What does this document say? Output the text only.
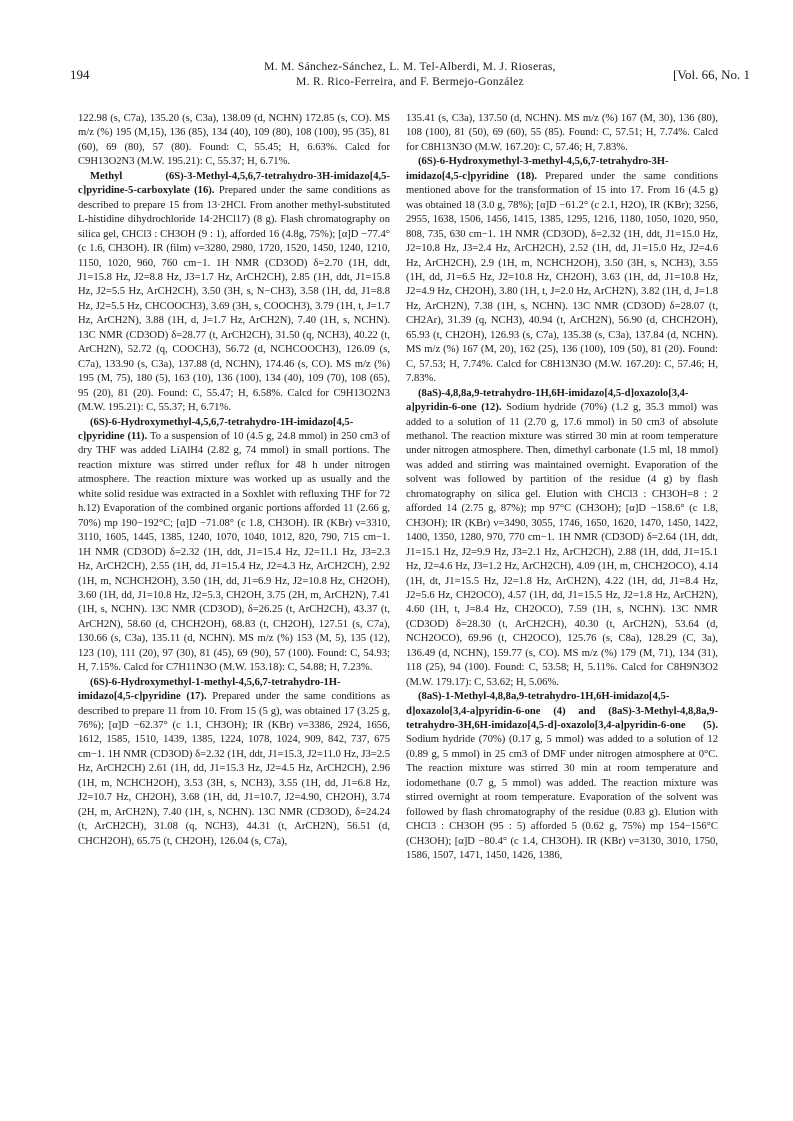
194	M. M. Sánchez-Sánchez, L. M. Tel-Alberdi, M. J. Rioseras,
M. R. Rico-Ferreira, and F. Bermejo-González	[Vol. 66, No. 1

122.98 (s, C7a), 135.20 (s, C3a), 138.09 (d, NCHN) 172.85 (s, CO). MS m/z (%) 195 (M,15), 136 (85), 134 (40), 109 (80), 108 (100), 95 (35), 81 (60), 69 (80), 57 (80). Found: C, 55.45; H, 6.63%. Calcd for C9H13O2N3 (M.W. 195.21): C, 55.37; H, 6.71%.

Methyl (6S)-3-Methyl-4,5,6,7-tetrahydro-3H-imidazo[4,5-c]pyridine-5-carboxylate (16). Prepared under the same conditions as described to prepare 15 from 13·2HCl. From another methyl-substituted L-histidine dihydrochloride 14·2HCl17) (8 g). Flash chromatography on silica gel, CHCl3 : CH3OH (9 : 1), afforded 16 (4.8g, 75%); [α]D −77.4° (c 1.6, CH3OH). IR (film) ν=3280, 2980, 1720, 1520, 1450, 1240, 1210, 1150, 1020, 960, 760 cm−1. 1H NMR (CD3OD) δ=2.70 (1H, ddt, J1=15.8 Hz, J2=8.8 Hz, J3=1.7 Hz, ArCH2CH), 2.85 (1H, ddt, J1=15.8 Hz, J2=5.5 Hz, ArCH2CH), 3.50 (3H, s, N−CH3), 3.58 (1H, dd, J1=8.8 Hz, J2=5.5 Hz, CHCOOCH3), 3.69 (3H, s, COOCH3), 3.79 (1H, t, J=1.7 Hz, ArCH2N), 3.88 (1H, d, J=1.7 Hz, ArCH2N), 7.40 (1H, s, NCHN). 13C NMR (CD3OD) δ=28.77 (t, ArCH2CH), 31.50 (q, NCH3), 40.22 (t, ArCH2N), 52.72 (q, COOCH3), 56.72 (d, NCHCOOCH3), 126.09 (s, C7a), 133.90 (s, C3a), 137.88 (d, NCHN), 174.46 (s, CO). MS m/z (%) 195 (M, 75), 180 (5), 163 (10), 136 (100), 134 (40), 109 (70), 108 (65), 95 (20), 81 (20). Found: C, 55.47; H, 6.58%. Calcd for C9H13O2N3 (M.W. 195.21): C, 55.37; H, 6.71%.

(6S)-6-Hydroxymethyl-4,5,6,7-tetrahydro-1H-imidazo[4,5-c]pyridine (11). To a suspension of 10 (4.5 g, 24.8 mmol) in 250 cm3 of dry THF was added LiAlH4 (2.82 g, 74 mmol) in small portions. The reaction mixture was stirred under reflux for 48 h under nitrogen atmosphere. The reaction mixture was worked up as usually and the white solid residue was extracted in a Soxhlet with refluxing THF for 72 h.12) Evaporation of the combined organic portions afforded 11 (2.66 g, 70%) mp 190−192°C; [α]D −71.08° (c 1.8, CH3OH). IR (KBr) ν=3310, 3110, 1605, 1445, 1385, 1240, 1070, 1040, 1012, 820, 790, 715 cm−1. 1H NMR (CD3OD) δ=2.32 (1H, ddt, J1=15.4 Hz, J2=11.1 Hz, J3=2.3 Hz, ArCH2CH), 2.55 (1H, dd, J1=15.4 Hz, J2=4.3 Hz, ArCH2CH), 2.92 (1H, m, NCHCH2OH), 3.50 (1H, dd, J1=6.9 Hz, J2=10.8 Hz, CH2OH), 3.60 (1H, dd, J1=10.8 Hz, J2=5.3, CH2OH, 3.75 (2H, m, ArCH2N), 7.41 (1H, s, NCHN). 13C NMR (CD3OD), δ=26.25 (t, ArCH2CH), 43.37 (t, ArCH2N), 58.60 (d, CHCH2OH), 68.83 (t, CH2OH), 127.51 (s, C7a), 130.66 (s, C3a), 135.11 (d, NCHN). MS m/z (%) 153 (M, 5), 135 (12), 123 (10), 111 (20), 97 (30), 81 (45), 69 (90), 57 (100). Found: C, 54.93; H, 7.15%. Calcd for C7H11N3O (M.W. 153.18): C, 54.88; H, 7.23%.

(6S)-6-Hydroxymethyl-1-methyl-4,5,6,7-tetrahydro-1H-imidazo[4,5-c]pyridine (17). Prepared under the same conditions as described to prepare 11 from 10. From 15 (5 g), was obtained 17 (3.25 g, 76%); [α]D −62.37° (c 1.1, CH3OH); IR (KBr) ν=3386, 2924, 1656, 1612, 1585, 1510, 1439, 1385, 1224, 1078, 1024, 909, 842, 737, 675 cm−1. 1H NMR (CD3OD) δ=2.32 (1H, ddt, J1=15.3, J2=11.0 Hz, J3=2.5 Hz, ArCH2CH) 2.61 (1H, dd, J1=15.3 Hz, J2=4.5 Hz, ArCH2CH), 2.96 (1H, m, NCHCH2OH), 3.53 (3H, s, NCH3), 3.55 (1H, dd, J1=6.8 Hz, J2=10.7 Hz, CH2OH), 3.68 (1H, dd, J1=10.7, J2=4.90, CH2OH), 3.74 (2H, m, ArCH2N), 7.40 (1H, s, NCHN). 13C NMR (CD3OD), δ=24.24 (t, ArCH2CH), 31.08 (q, NCH3), 44.31 (t, ArCH2N), 56.51 (d, CHCH2OH), 65.75 (t, CH2OH), 126.04 (s, C7a),

135.41 (s, C3a), 137.50 (d, NCHN). MS m/z (%) 167 (M, 30), 136 (80), 108 (100), 81 (50), 69 (60), 55 (85). Found: C, 57.51; H, 7.74%. Calcd for C8H13N3O (M.W. 167.20): C, 57.46; H, 7.83%.

(6S)-6-Hydroxymethyl-3-methyl-4,5,6,7-tetrahydro-3H-imidazo[4,5-c]pyridine (18). Prepared under the same conditions mentioned above for the transformation of 15 into 17. From 16 (4.5 g) was obtained 18 (3.0 g, 78%); [α]D −61.2° (c 2.1, H2O), IR (KBr); 3256, 2955, 1638, 1506, 1456, 1415, 1385, 1295, 1216, 1180, 1050, 1020, 950, 808, 735, 630 cm−1. 1H NMR (CD3OD), δ=2.32 (1H, ddt, J1=15.0 Hz, J2=10.8 Hz, J3=2.4 Hz, ArCH2CH), 2.52 (1H, dd, J1=15.0 Hz, J2=4.6 Hz, ArCH2CH), 2.9 (1H, m, NCHCH2OH), 3.50 (3H, s, NCH3), 3.55 (1H, dd, J1=6.5 Hz, J2=10.8 Hz, CH2OH), 3.63 (1H, dd, J1=10.8 Hz, J2=4.9 Hz, CH2OH), 3.80 (1H, t, J=2.0 Hz, ArCH2N), 3.82 (1H, d, J=1.8 Hz, ArCH2N), 7.38 (1H, s, NCHN). 13C NMR (CD3OD) δ=28.07 (t, CH2Ar), 31.39 (q, NCH3), 40.94 (t, ArCH2N), 56.90 (d, CHCH2OH), 65.93 (t, CH2OH), 126.93 (s, C7a), 135.38 (s, C3a), 137.84 (d, NCHN). MS m/z (%) 167 (M, 20), 162 (25), 136 (100), 109 (50), 81 (20). Found: C, 57.53; H, 7.74%. Calcd for C8H13N3O (M.W. 167.20): C, 57.46; H, 7.83%.

(8aS)-4,8,8a,9-tetrahydro-1H,6H-imidazo[4,5-d]oxazolo[3,4-a]pyridin-6-one (12). Sodium hydride (70%) (1.2 g, 35.3 mmol) was added to a solution of 11 (2.70 g, 17.6 mmol) in 50 cm3 of absolute methanol. The reaction mixture was stirred 30 min at room temperature under nitrogen atmosphere. Then, dimethyl carbonate (1.5 ml, 18 mmol) was added and stirring was maintained overnight. Evaporation of the solvent was followed by partition of the residue (4 g) by flash chromatography on silica gel. Elution with CHCl3 : CH3OH=8 : 2 afforded 14 (2.75 g, 87%); mp 97°C (CH3OH); [α]D −158.6° (c 1.8, CH3OH); IR (KBr) ν=3490, 3055, 1746, 1650, 1620, 1470, 1450, 1422, 1400, 1350, 1280, 970, 770 cm−1. 1H NMR (CD3OD) δ=2.64 (1H, ddt, J1=15.1 Hz, J2=9.9 Hz, J3=2.1 Hz, ArCH2CH), 2.88 (1H, ddd, J1=15.1 Hz, J2=4.6 Hz, J3=1.2 Hz, ArCH2CH), 4.09 (1H, m, CHCH2OCO), 4.14 (1H, dt, J1=15.5 Hz, J2=1.8 Hz, ArCH2N), 4.22 (1H, dd, J1=8.4 Hz, J2=5.6 Hz, CH2OCO), 4.57 (1H, dd, J1=15.5 Hz, J2=1.8 Hz, ArCH2N), 4.60 (1H, t, J=8.4 Hz, CH2OCO), 7.59 (1H, s, NCHN). 13C NMR (CD3OD) δ=28.30 (t, ArCH2CH), 40.30 (t, ArCH2N), 53.64 (d, NCH2OCO), 69.96 (t, CH2OCO), 125.76 (s, C8a), 128.29 (C, 3a), 136.49 (d, NCHN), 159.77 (s, CO). MS m/z (%) 179 (M, 71), 134 (31), 118 (25), 94 (100). Found: C, 53.58; H, 5.11%. Calcd for C8H9N3O2 (M.W. 179.17): C, 53.62; H, 5.06%.

(8aS)-1-Methyl-4,8,8a,9-tetrahydro-1H,6H-imidazo[4,5-d]oxazolo[3,4-a]pyridin-6-one (4) and (8aS)-3-Methyl-4,8,8a,9-tetrahydro-3H,6H-imidazo[4,5-d]-oxazolo[3,4-a]pyridin-6-one (5). Sodium hydride (70%) (0.17 g, 5 mmol) was added to a solution of 12 (0.89 g, 5 mmol) in 25 cm3 of DMF under nitrogen atmosphere at 0°C. The reaction mixture was stirred 30 min at room temperature and iodomethane (0.7 g, 5 mmol) was added. The reaction mixture was stirred overnight at room temperature. Evaporation of the solvent was followed by flash chromatography of the residue (0.83 g). Elution with CHCl3 : CH3OH (95 : 5) afforded 5 (0.62 g, 75%) mp 154−156°C (CH3OH); [α]D −80.4° (c 1.4, CH3OH). IR (KBr) ν=3130, 3010, 1750, 1586, 1507, 1471, 1450, 1426, 1386,
